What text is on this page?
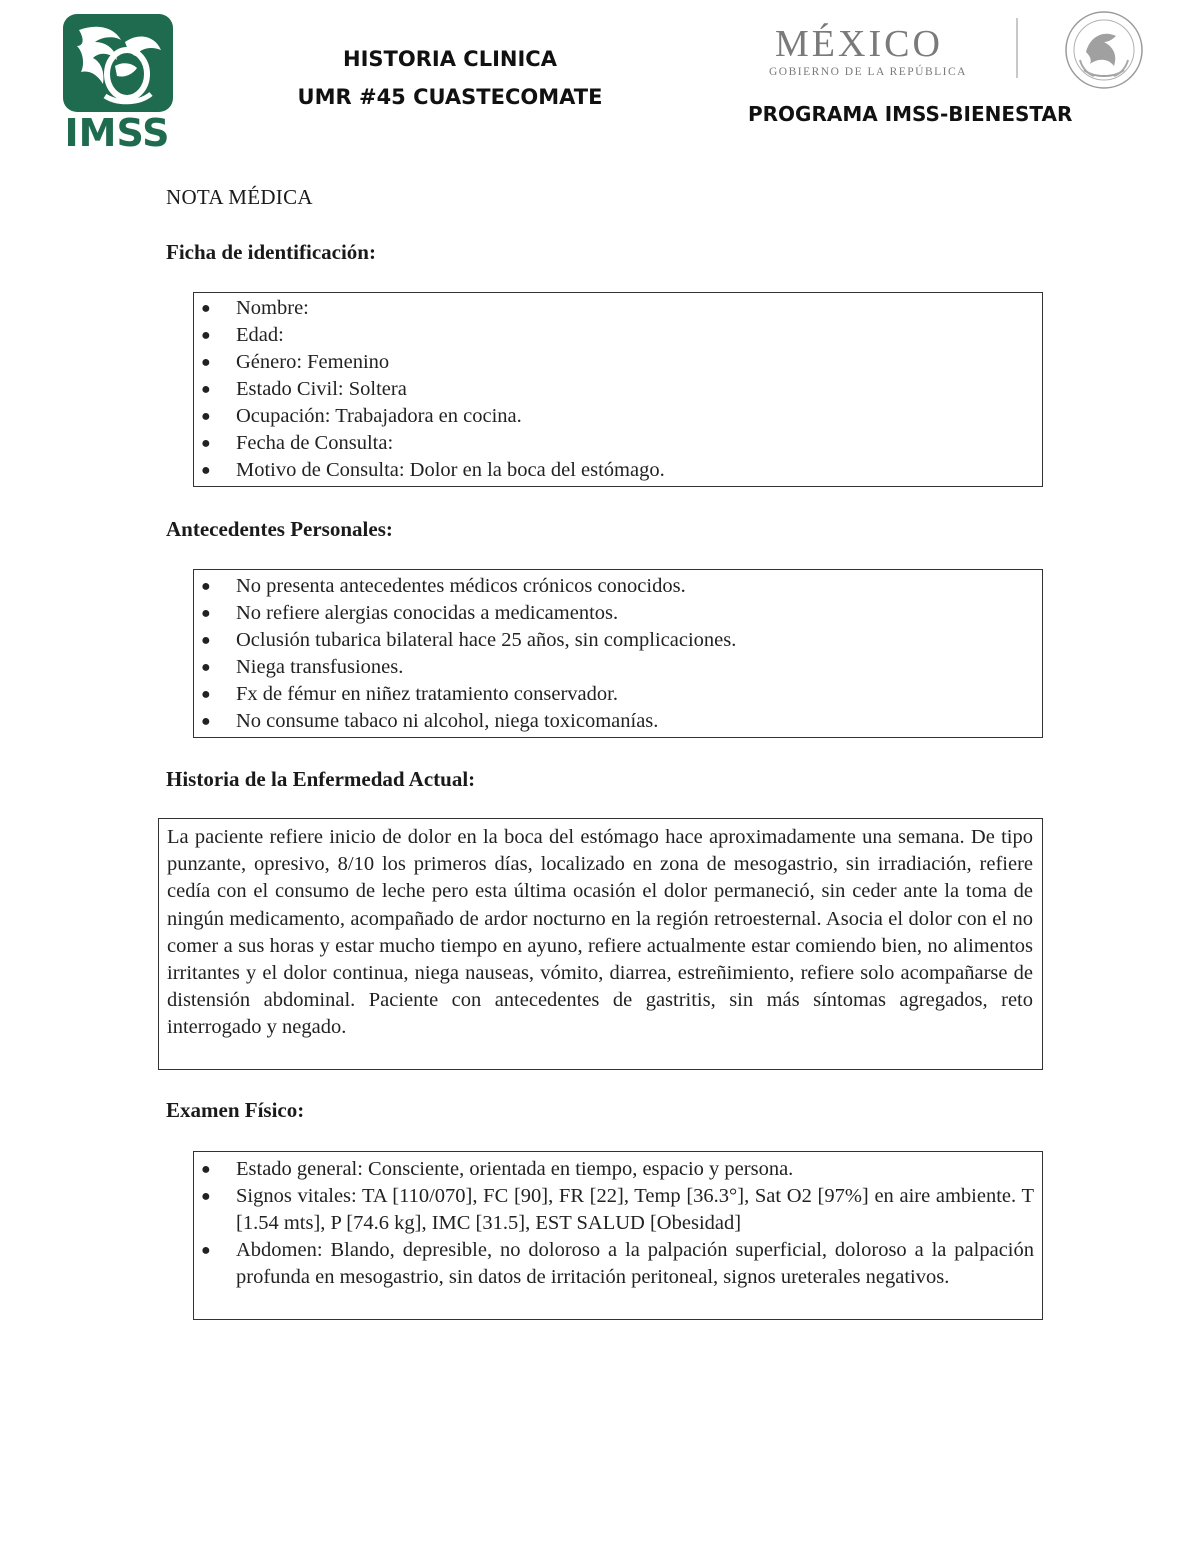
IMSS
HISTORIA CLINICA
UMR #45 CUASTECOMATE
MÉXICO
GOBIERNO DE LA REPÚBLICA
PROGRAMA IMSS-BIENESTAR
NOTA MÉDICA
Ficha de identificación:
● Nombre:
● Edad:
● Género: Femenino
● Estado Civil: Soltera
● Ocupación: Trabajadora en cocina.
● Fecha de Consulta:
● Motivo de Consulta: Dolor en la boca del estómago.
Antecedentes Personales:
● No presenta antecedentes médicos crónicos conocidos.
● No refiere alergias conocidas a medicamentos.
● Oclusión tubarica bilateral hace 25 años, sin complicaciones.
● Niega transfusiones.
● Fx de fémur en niñez tratamiento conservador.
● No consume tabaco ni alcohol, niega toxicomanías.
Historia de la Enfermedad Actual:
La paciente refiere inicio de dolor en la boca del estómago hace aproximadamente una semana. De tipo punzante, opresivo, 8/10 los primeros días, localizado en zona de mesogastrio, sin irradiación, refiere cedía con el consumo de leche pero esta última ocasión el dolor permaneció, sin ceder ante la toma de ningún medicamento, acompañado de ardor nocturno en la región retroesternal. Asocia el dolor con el no comer a sus horas y estar mucho tiempo en ayuno, refiere actualmente estar comiendo bien, no alimentos irritantes y el dolor continua, niega nauseas, vómito, diarrea, estreñimiento, refiere solo acompañarse de distensión abdominal. Paciente con antecedentes de gastritis, sin más síntomas agregados, reto interrogado y negado.
Examen Físico:
● Estado general: Consciente, orientada en tiempo, espacio y persona.
● Signos vitales: TA [110/070], FC [90], FR [22], Temp [36.3°], Sat O2 [97%] en aire ambiente. T [1.54 mts], P [74.6 kg], IMC [31.5], EST SALUD [Obesidad]
● Abdomen: Blando, depresible, no doloroso a la palpación superficial, doloroso a la palpación profunda en mesogastrio, sin datos de irritación peritoneal, signos ureterales negativos.
